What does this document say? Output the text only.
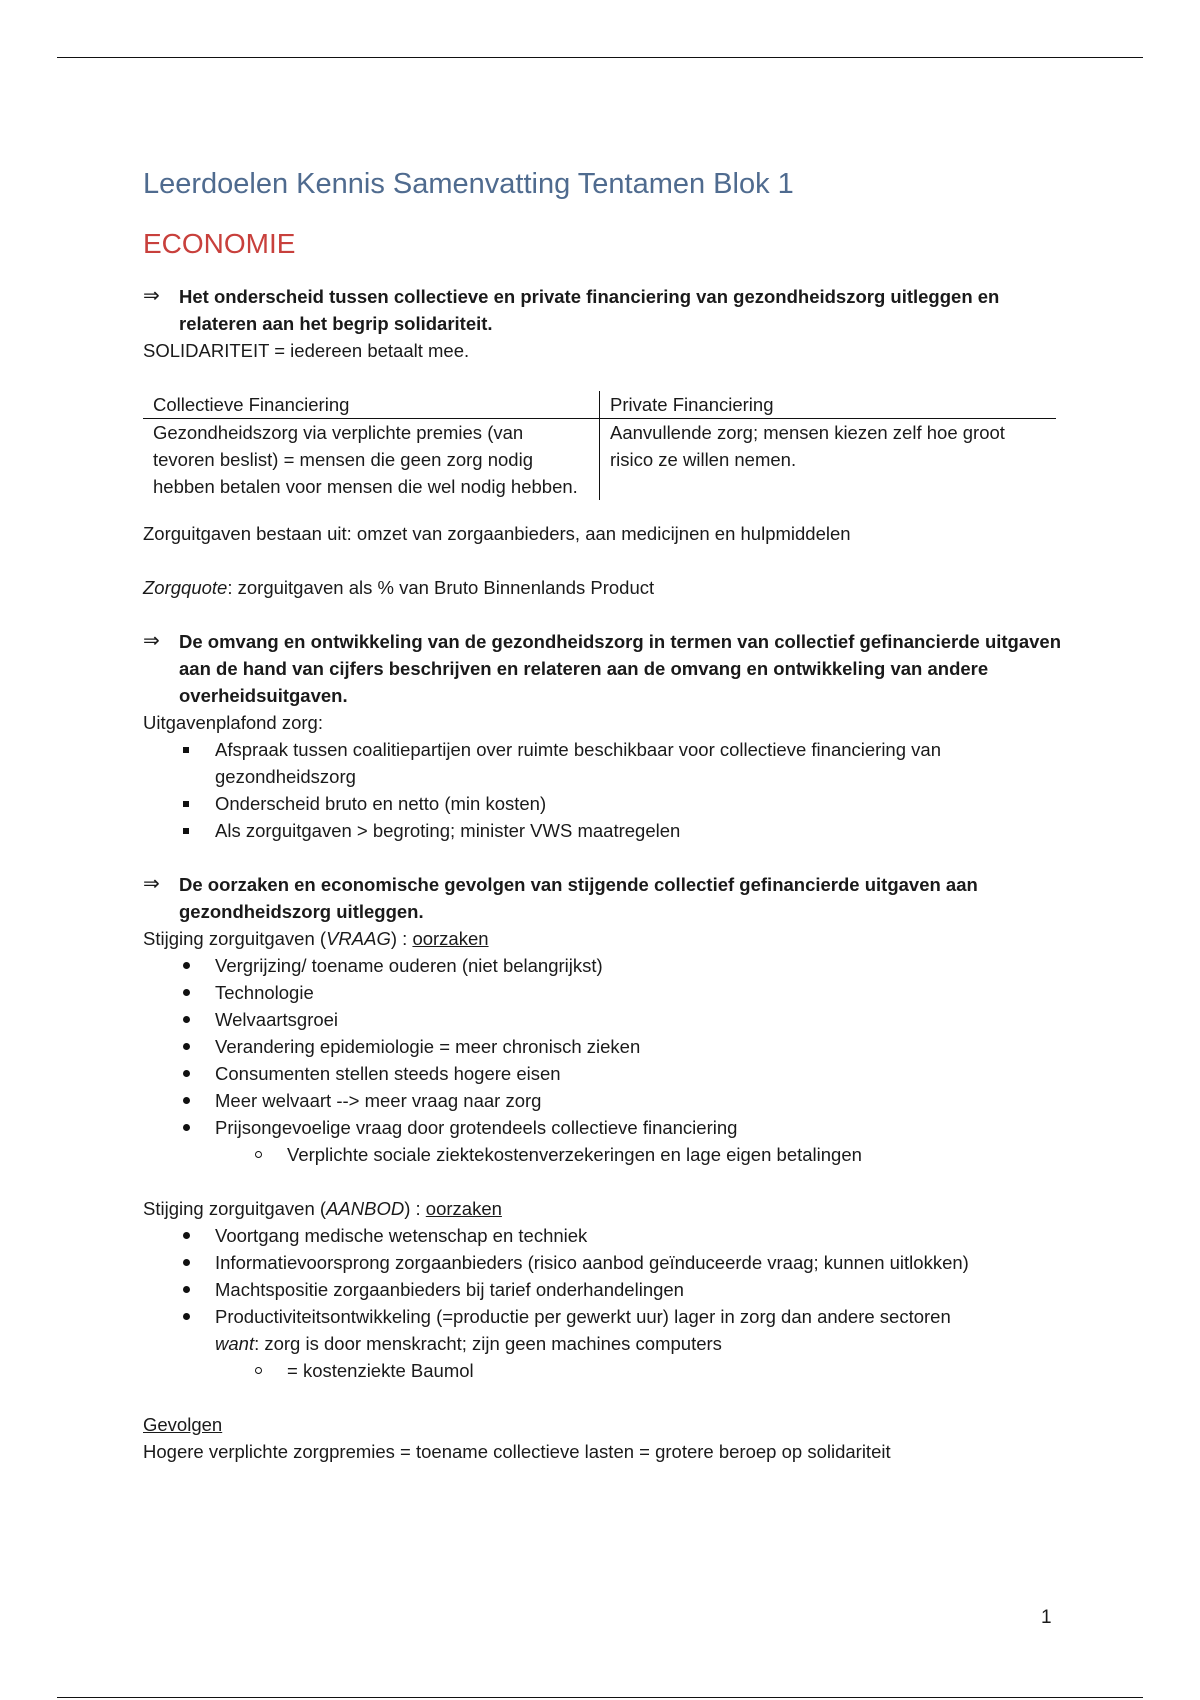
Leerdoelen Kennis Samenvatting Tentamen Blok 1
ECONOMIE
⇒ Het onderscheid tussen collectieve en private financiering van gezondheidszorg uitleggen en relateren aan het begrip solidariteit.
SOLIDARITEIT = iedereen betaalt mee.
Collectieve Financiering	Private Financiering
Gezondheidszorg via verplichte premies (van tevoren beslist) = mensen die geen zorg nodig hebben betalen voor mensen die wel nodig hebben.	Aanvullende zorg; mensen kiezen zelf hoe groot risico ze willen nemen.
Zorguitgaven bestaan uit: omzet van zorgaanbieders, aan medicijnen en hulpmiddelen
Zorgquote: zorguitgaven als % van Bruto Binnenlands Product
⇒ De omvang en ontwikkeling van de gezondheidszorg in termen van collectief gefinancierde uitgaven aan de hand van cijfers beschrijven en relateren aan de omvang en ontwikkeling van andere overheidsuitgaven.
Uitgavenplafond zorg:
Afspraak tussen coalitiepartijen over ruimte beschikbaar voor collectieve financiering van gezondheidszorg
Onderscheid bruto en netto (min kosten)
Als zorguitgaven > begroting; minister VWS maatregelen
⇒ De oorzaken en economische gevolgen van stijgende collectief gefinancierde uitgaven aan gezondheidszorg uitleggen.
Stijging zorguitgaven (VRAAG) : oorzaken
Vergrijzing/ toename ouderen (niet belangrijkst)
Technologie
Welvaartsgroei
Verandering epidemiologie = meer chronisch zieken
Consumenten stellen steeds hogere eisen
Meer welvaart --> meer vraag naar zorg
Prijsongevoelige vraag door grotendeels collectieve financiering
Verplichte sociale ziektekostenverzekeringen en lage eigen betalingen
Stijging zorguitgaven (AANBOD) : oorzaken
Voortgang medische wetenschap en techniek
Informatievoorsprong zorgaanbieders (risico aanbod geïnduceerde vraag; kunnen uitlokken)
Machtspositie zorgaanbieders bij tarief onderhandelingen
Productiviteitsontwikkeling (=productie per gewerkt uur) lager in zorg dan andere sectoren
want: zorg is door menskracht; zijn geen machines computers
= kostenziekte Baumol
Gevolgen
Hogere verplichte zorgpremies = toename collectieve lasten = grotere beroep op solidariteit
1
